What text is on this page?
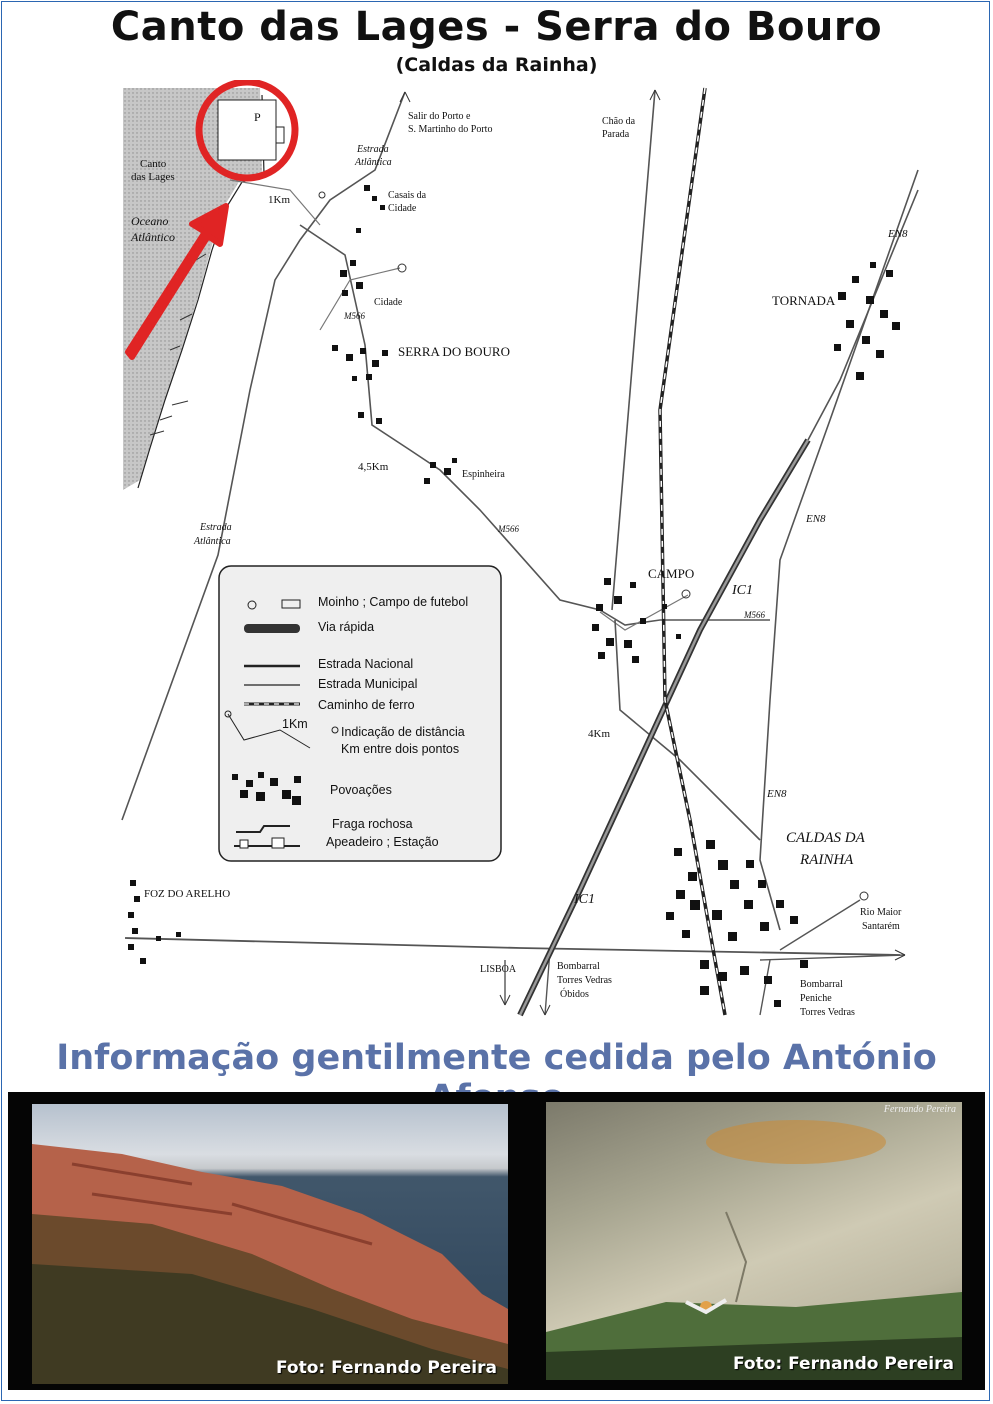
Canto das Lages - Serra do Bouro
(Caldas da Rainha)
Oceano
Atlântico
Canto
das Lages
P	Salir do Porto e
S. Martinho do Porto
Chão da
Parada
Estrada
Atlântica
Casais da
Cidade
Cidade
SERRA DO BOURO
TORNADA
Espinheira
Estrada
Atlântica
CAMPO
CALDAS DA
RAINHA
FOZ DO ARELHO
Rio Maior
Santarém
LISBOA	Bombarral
Torres Vedras
Óbidos
Bombarral
Peniche
Torres Vedras
M566
M566
M566
EN8
EN8
EN8
IC1
IC1
1Km
4,5Km
4Km
Moinho ; Campo de futebol
Via rápida
Estrada Nacional
Estrada Municipal
Caminho de ferro
1Km
Indicação de distância
Km entre dois pontos
Povoações
Fraga rochosa
Apeadeiro ; Estação
Informação gentilmente cedida pelo António
Foto: Fernando Pereira
Fernando Pereira
Foto: Fernando Pereira
